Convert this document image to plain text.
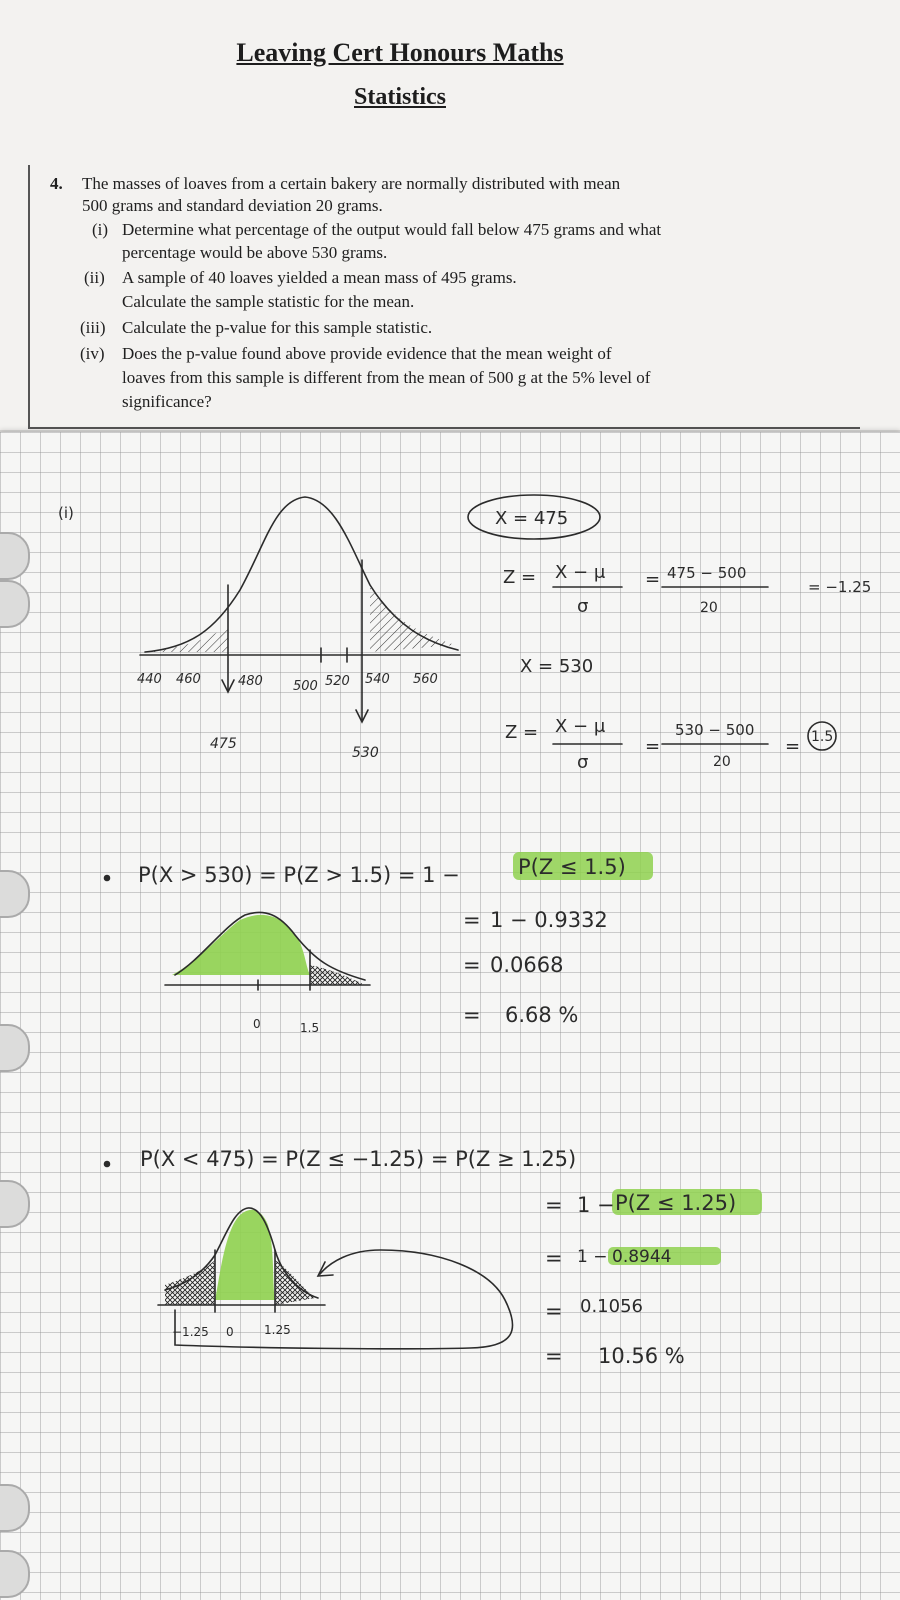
Leaving Cert Honours Maths
Statistics
4. The masses of loaves from a certain bakery are normally distributed with mean
500 grams and standard deviation 20 grams.
(i) Determine what percentage of the output would fall below 475 grams and what
percentage would be above 530 grams.
(ii) A sample of 40 loaves yielded a mean mass of 495 grams.
Calculate the sample statistic for the mean.
(iii) Calculate the p-value for this sample statistic.
(iv) Does the p-value found above provide evidence that the mean weight of
loaves from this sample is different from the mean of 500 g at the 5% level of
significance?
(i)
440 460	480 500 520 540 560
475
530
X = 475
Z = X − μ
σ
= 475 − 500
20
= −1.25
X = 530
Z = X − μ
σ
=
530 − 500
20
= 1.5
P(X > 530) = P(Z > 1.5) = 1 −	P(Z ≤ 1.5)
= 1 − 0.9332
= 0.0668
= 6.68 %
0	1.5
P(X < 475) = P(Z ≤ −1.25) = P(Z ≥ 1.25)
= 1 − P(Z ≤ 1.25)
= 1 − 0.8944
= 0.1056
= 10.56 %
−1.25 0	1.25
